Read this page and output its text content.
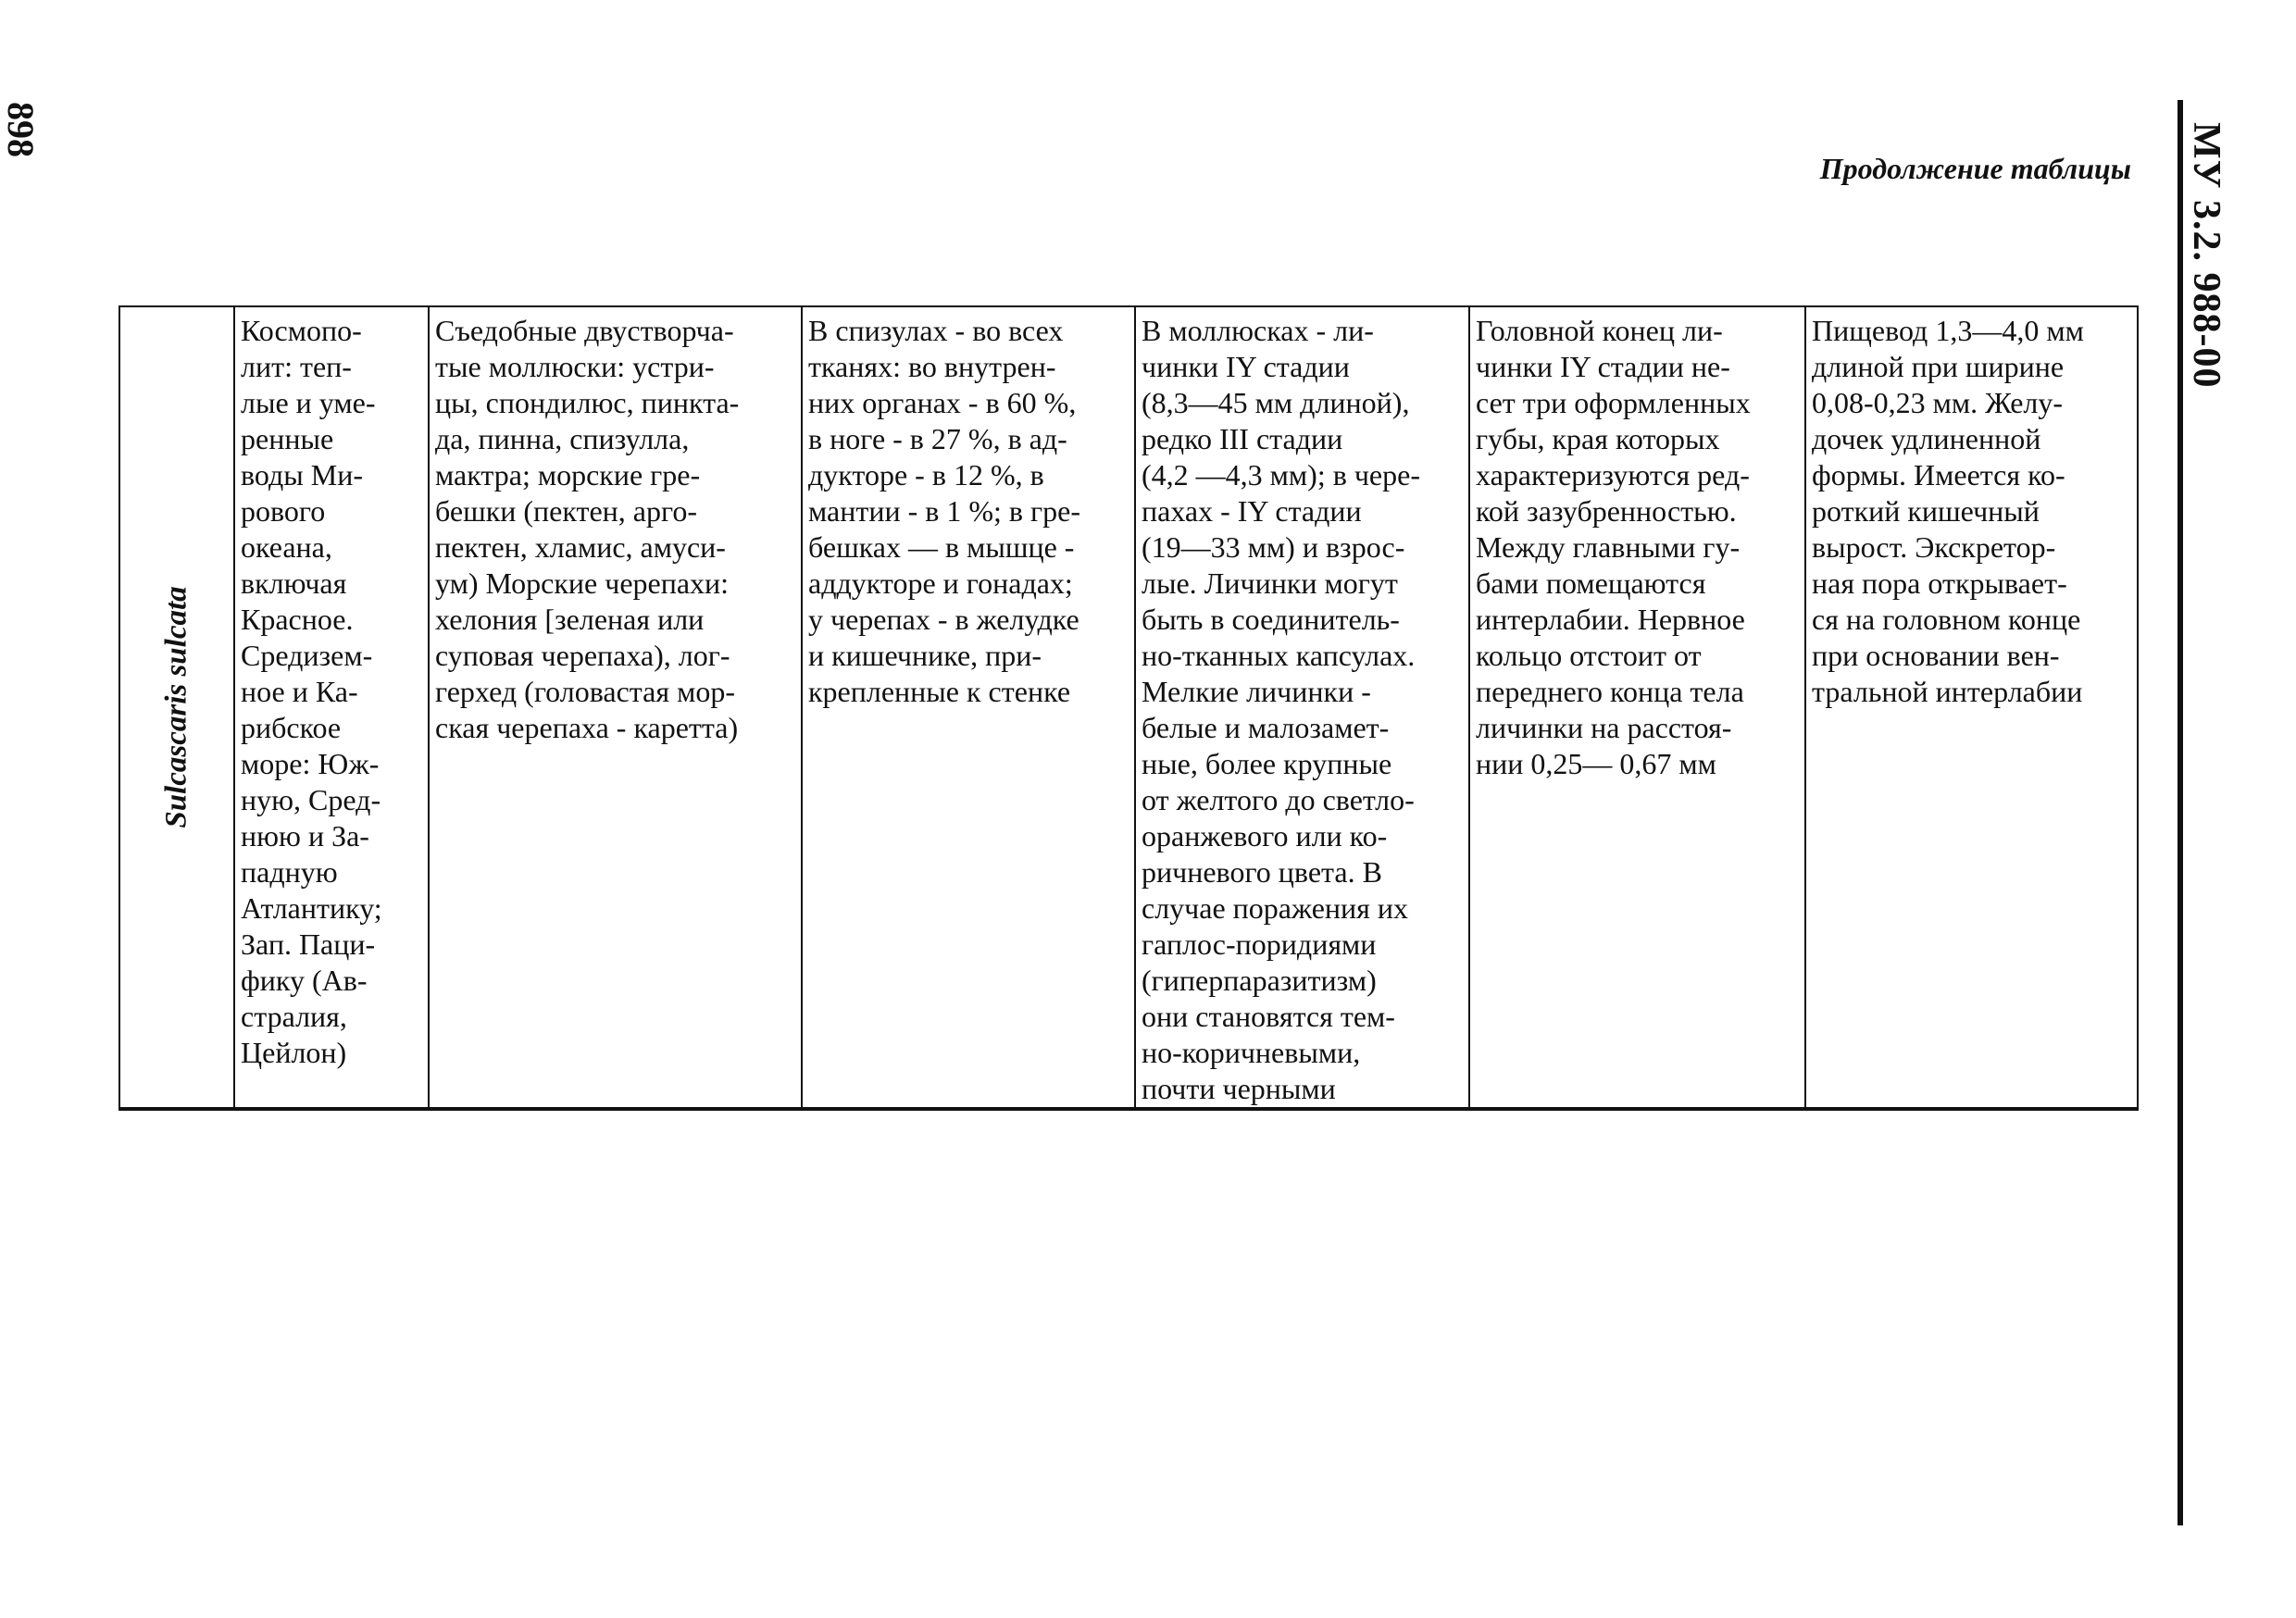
898	МУ 3.2. 988-00
Продолжение таблицы
Sulcascaris sulcata
	Космопо-
лит: теп-
лые и уме-
ренные
воды Ми-
рового
океана,
включая
Красное.
Средизем-
ное и Ка-
рибское
море: Юж-
ную, Сред-
нюю и За-
падную
Атлантику;
Зап. Паци-
фику (Ав-
стралия,
Цейлон)	Съедобные двустворча-
тые моллюски: устри-
цы, спондилюс, пинкта-
да, пинна, спизулла,
мактра; морские гре-
бешки (пектен, арго-
пектен, хламис, амуси-
ум) Морские черепахи:
хелония [зеленая или
суповая черепаха), лог-
герхед (головастая мор-
ская черепаха - каретта)	В спизулах - во всех
тканях: во внутрен-
них органах - в 60 %,
в ноге - в 27 %, в ад-
дукторе - в 12 %, в
мантии - в 1 %; в гре-
бешках — в мышце -
аддукторе и гонадах;
у черепах - в желудке
и кишечнике, при-
крепленные к стенке	В моллюсках - ли-
чинки IY стадии
(8,3—45 мм длиной),
редко III стадии
(4,2 —4,3 мм); в чере-
пахах - IY стадии
(19—33 мм) и взрос-
лые. Личинки могут
быть в соединитель-
но-тканных капсулах.
Мелкие личинки -
белые и малозамет-
ные, более крупные
от желтого до светло-
оранжевого или ко-
ричневого цвета. В
случае поражения их
гаплос-поридиями
(гиперпаразитизм)
они становятся тем-
но-коричневыми,
почти черными	Головной конец ли-
чинки IY стадии не-
сет три оформленных
губы, края которых
характеризуются ред-
кой зазубренностью.
Между главными гу-
бами помещаются
интерлабии. Нервное
кольцо отстоит от
переднего конца тела
личинки на расстоя-
нии 0,25— 0,67 мм	Пищевод 1,3—4,0 мм
длиной при ширине
0,08-0,23 мм. Желу-
дочек удлиненной
формы. Имеется ко-
роткий кишечный
вырост. Экскретор-
ная пора открывает-
ся на головном конце
при основании вен-
тральной интерлабии
